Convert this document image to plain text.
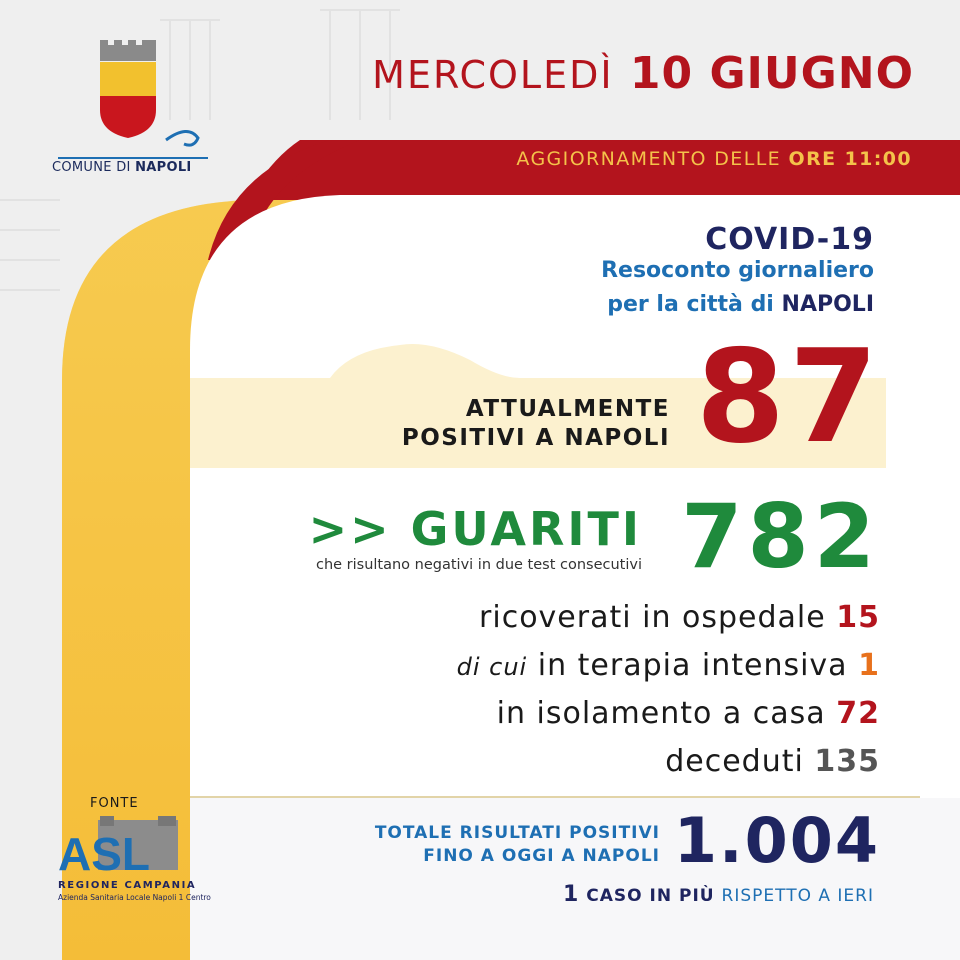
COMUNE DI NAPOLI
MERCOLEDÌ 10 GIUGNO
AGGIORNAMENTO DELLE ORE 11:00
COVID-19
Resoconto giornaliero
per la città di NAPOLI
ATTUALMENTE
POSITIVI A NAPOLI 87
>> GUARITI
che risultano negativi in due test consecutivi 782
ricoverati in ospedale 15
di cui in terapia intensiva 1
in isolamento a casa 72
deceduti 135
TOTALE RISULTATI POSITIVI
FINO A OGGI A NAPOLI 1.004
1 CASO IN PIÙ RISPETTO A IERI
FONTE
ASL
REGIONE CAMPANIA
Azienda Sanitaria Locale Napoli 1 Centro
